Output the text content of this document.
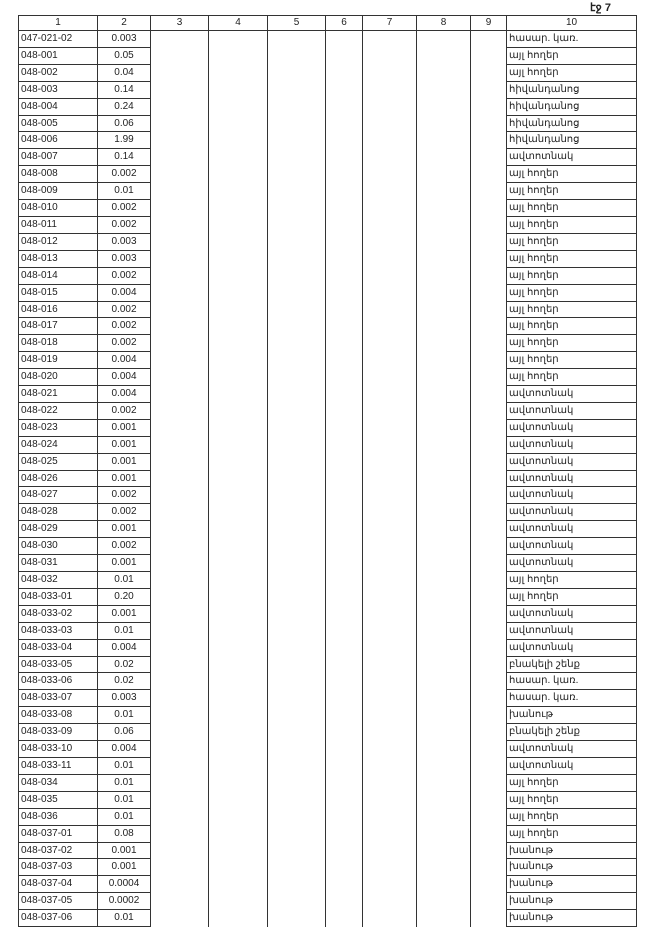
էջ 7
1	2	3	4	5	6	7	8	9	10
047-021-02	0.003								հասար. կառ.
048-001	0.05								այլ հողեր
048-002	0.04								այլ հողեր
048-003	0.14								հիվանդանոց
048-004	0.24								հիվանդանոց
048-005	0.06								հիվանդանոց
048-006	1.99								հիվանդանոց
048-007	0.14								ավտոտնակ
048-008	0.002								այլ հողեր
048-009	0.01								այլ հողեր
048-010	0.002								այլ հողեր
048-011	0.002								այլ հողեր
048-012	0.003								այլ հողեր
048-013	0.003								այլ հողեր
048-014	0.002								այլ հողեր
048-015	0.004								այլ հողեր
048-016	0.002								այլ հողեր
048-017	0.002								այլ հողեր
048-018	0.002								այլ հողեր
048-019	0.004								այլ հողեր
048-020	0.004								այլ հողեր
048-021	0.004								ավտոտնակ
048-022	0.002								ավտոտնակ
048-023	0.001								ավտոտնակ
048-024	0.001								ավտոտնակ
048-025	0.001								ավտոտնակ
048-026	0.001								ավտոտնակ
048-027	0.002								ավտոտնակ
048-028	0.002								ավտոտնակ
048-029	0.001								ավտոտնակ
048-030	0.002								ավտոտնակ
048-031	0.001								ավտոտնակ
048-032	0.01								այլ հողեր
048-033-01	0.20								այլ հողեր
048-033-02	0.001								ավտոտնակ
048-033-03	0.01								ավտոտնակ
048-033-04	0.004								ավտոտնակ
048-033-05	0.02								բնակելի շենք
048-033-06	0.02								հասար. կառ.
048-033-07	0.003								հասար. կառ.
048-033-08	0.01								խանութ
048-033-09	0.06								բնակելի շենք
048-033-10	0.004								ավտոտնակ
048-033-11	0.01								ավտոտնակ
048-034	0.01								այլ հողեր
048-035	0.01								այլ հողեր
048-036	0.01								այլ հողեր
048-037-01	0.08								այլ հողեր
048-037-02	0.001								խանութ
048-037-03	0.001								խանութ
048-037-04	0.0004								խանութ
048-037-05	0.0002								խանութ
048-037-06	0.01								խանութ
